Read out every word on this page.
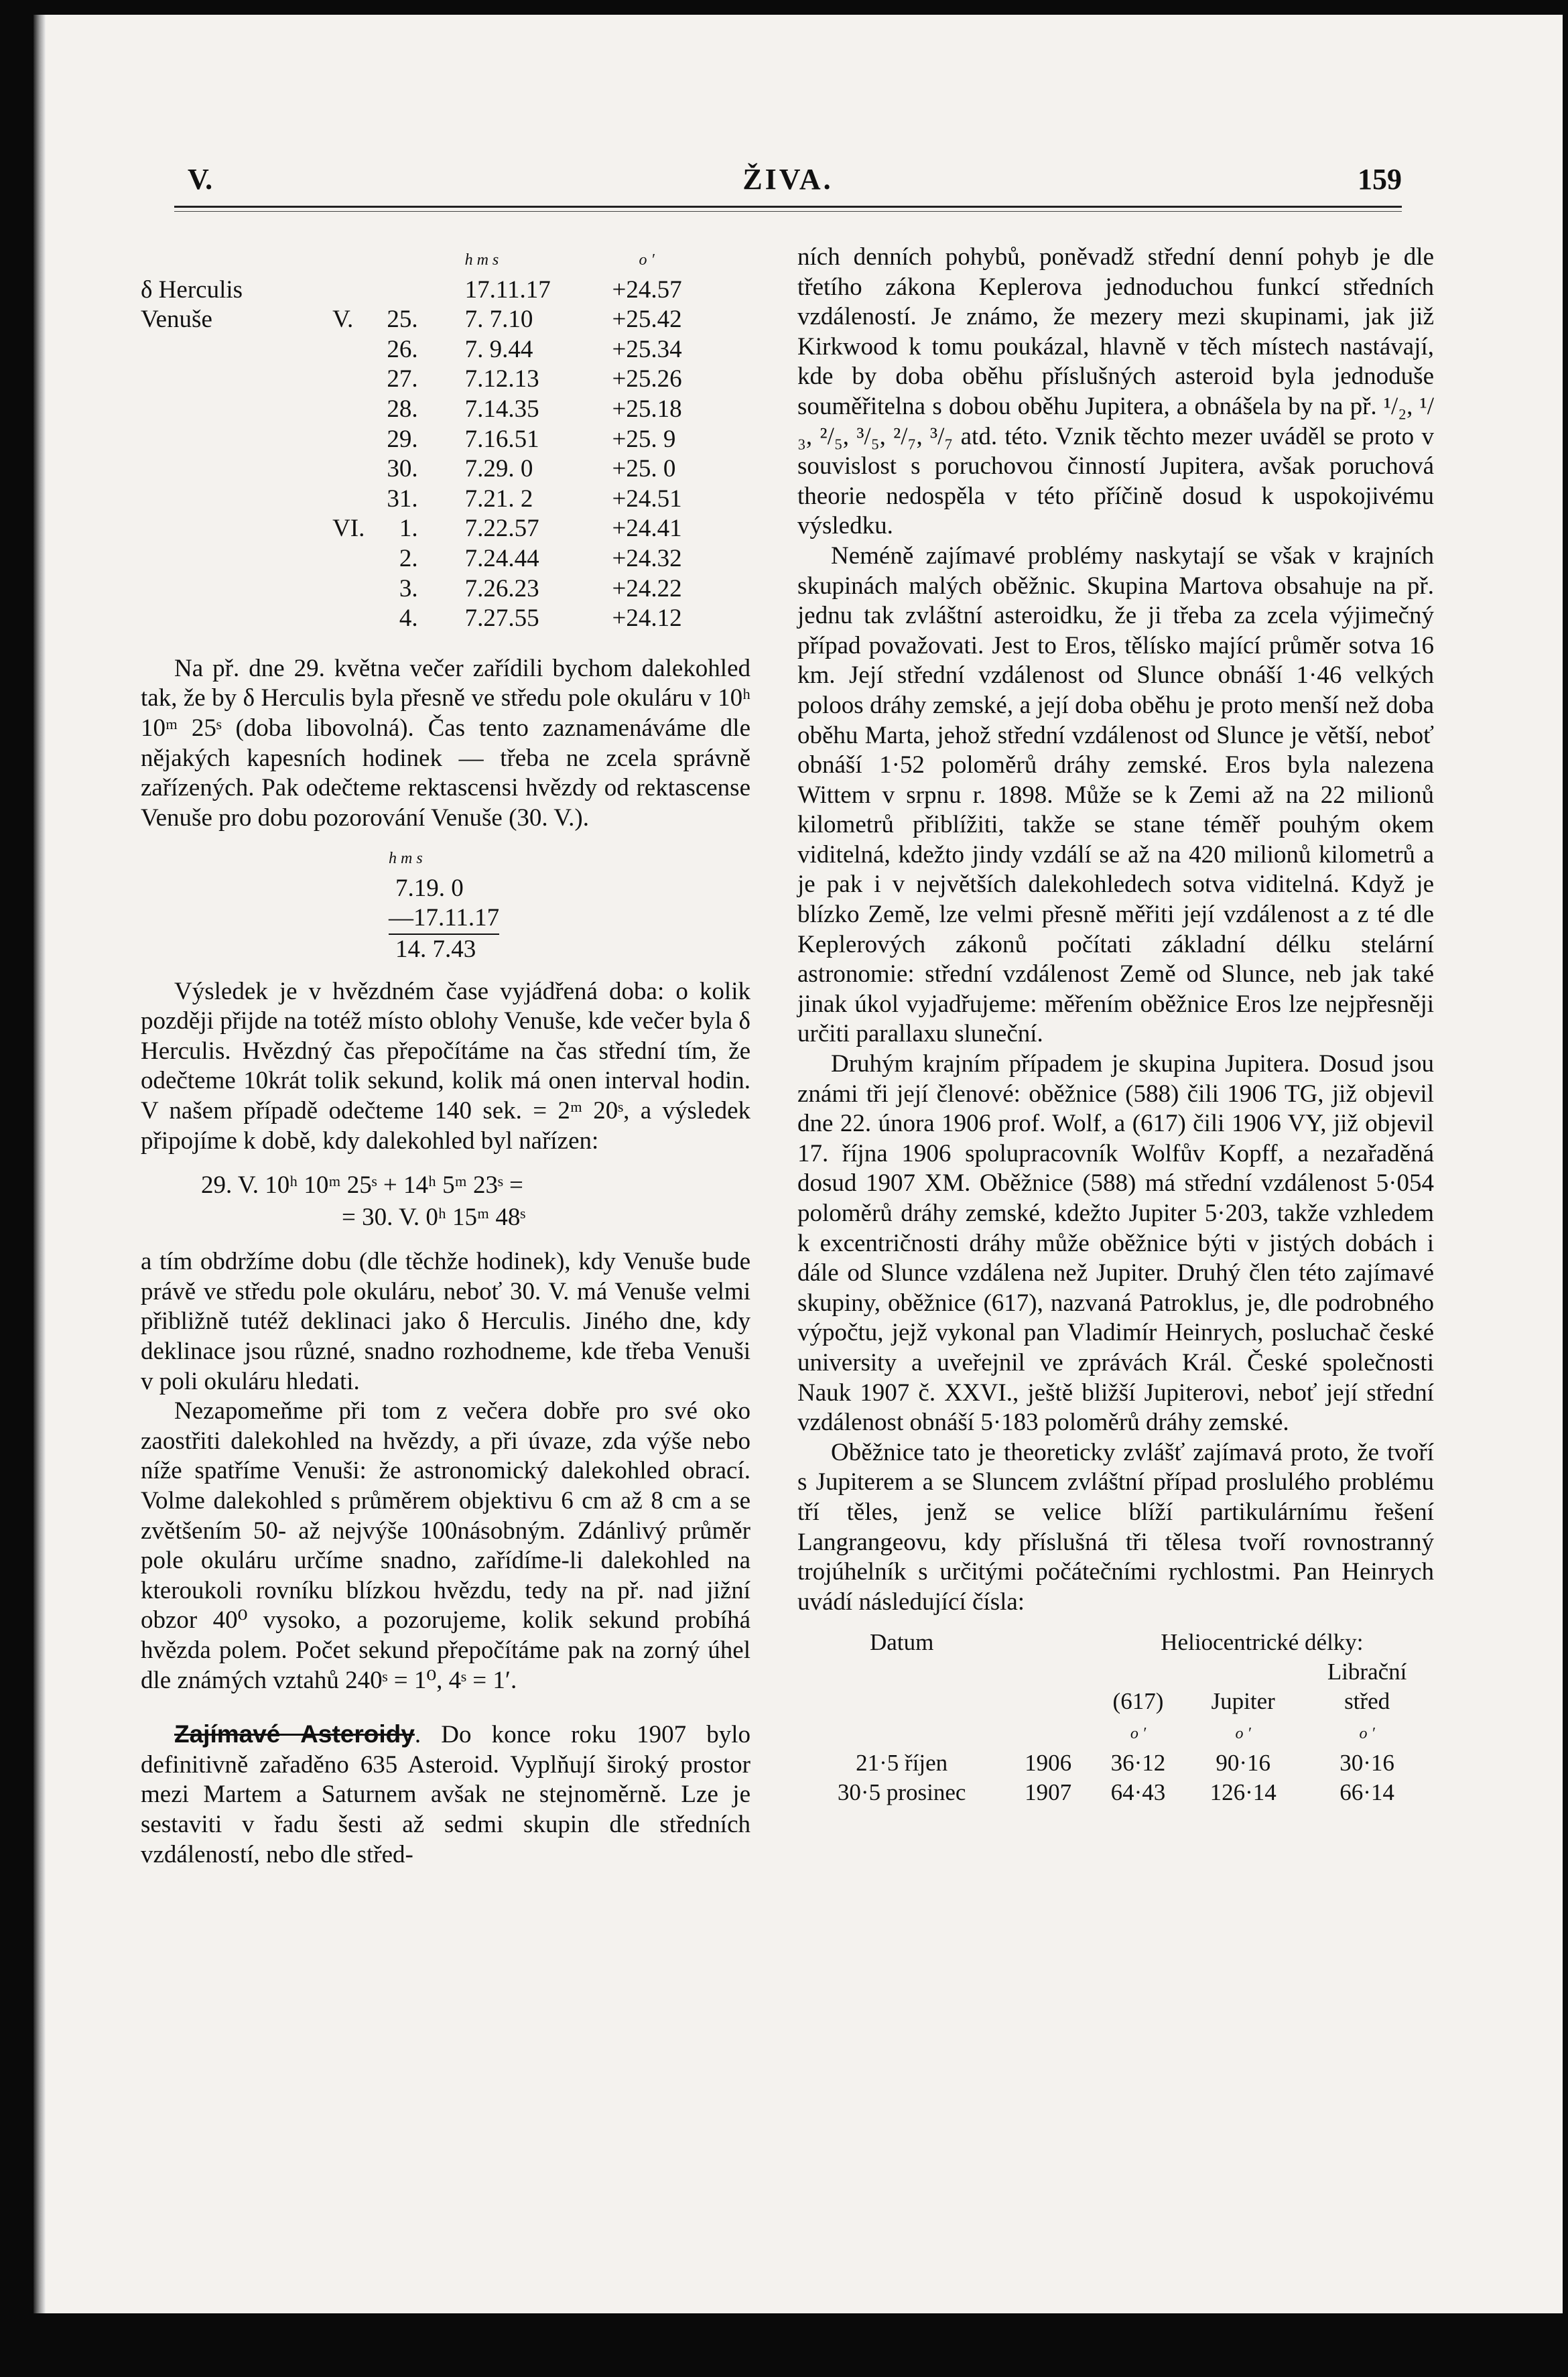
V.	ŽIVA.	159
			h m s	o ′
δ Herculis			17.11.17	+24.57
Venuše	V.	25.	7. 7.10	+25.42
		26.	7. 9.44	+25.34
		27.	7.12.13	+25.26
		28.	7.14.35	+25.18
		29.	7.16.51	+25. 9
		30.	7.29. 0	+25. 0
		31.	7.21. 2	+24.51
	VI.	1.	7.22.57	+24.41
		2.	7.24.44	+24.32
		3.	7.26.23	+24.22
		4.	7.27.55	+24.12

Na př. dne 29. května večer zařídili bychom dalekohled tak, že by δ Herculis byla přesně ve středu pole okuláru v 10ʰ 10ᵐ 25ˢ (doba libovolná). Čas tento zaznamenáváme dle nějakých kapesních hodinek — třeba ne zcela správně zařízených. Pak odečteme rektascensi hvězdy od rektascense Venuše pro dobu pozorování Venuše (30. V.).

h m s
7.19. 0
—17.11.17
14. 7.43

Výsledek je v hvězdném čase vyjádřená doba: o kolik později přijde na totéž místo oblohy Venuše, kde večer byla δ Herculis. Hvězdný čas přepočítáme na čas střední tím, že odečteme 10krát tolik sekund, kolik má onen interval hodin. V našem případě odečteme 140 sek. = 2ᵐ 20ˢ, a výsledek připojíme k době, kdy dalekohled byl nařízen:

29. V. 10ʰ 10ᵐ 25ˢ + 14ʰ 5ᵐ 23ˢ =
= 30. V. 0ʰ 15ᵐ 48ˢ

a tím obdržíme dobu (dle těchže hodinek), kdy Venuše bude právě ve středu pole okuláru, neboť 30. V. má Venuše velmi přibližně tutéž deklinaci jako δ Herculis. Jiného dne, kdy deklinace jsou různé, snadno rozhodneme, kde třeba Venuši v poli okuláru hledati.

Nezapomeňme při tom z večera dobře pro své oko zaostřiti dalekohled na hvězdy, a při úvaze, zda výše nebo níže spatříme Venuši: že astronomický dalekohled obrací. Volme dalekohled s průměrem objektivu 6 cm až 8 cm a se zvětšením 50- až nejvýše 100násobným. Zdánlivý průměr pole okuláru určíme snadno, zařídíme-li dalekohled na kteroukoli rovníku blízkou hvězdu, tedy na př. nad jižní obzor 40⁰ vysoko, a pozorujeme, kolik sekund probíhá hvězda polem. Počet sekund přepočítáme pak na zorný úhel dle známých vztahů 240ˢ = 1⁰, 4ˢ = 1′.

Zajímavé Asteroidy. Do konce roku 1907 bylo definitivně zařaděno 635 Asteroid. Vyplňují široký prostor mezi Martem a Saturnem avšak ne stejnoměrně. Lze je sestaviti v řadu šesti až sedmi skupin dle středních vzdáleností, nebo dle střed-

ních denních pohybů, poněvadž střední denní pohyb je dle třetího zákona Keplerova jednoduchou funkcí středních vzdáleností. Je známo, že mezery mezi skupinami, jak již Kirkwood k tomu poukázal, hlavně v těch místech nastávají, kde by doba oběhu příslušných asteroid byla jednoduše souměřitelna s dobou oběhu Jupitera, a obnášela by na př. ¹/₂, ¹/₃, ²/₅, ³/₅, ²/₇, ³/₇ atd. této. Vznik těchto mezer uváděl se proto v souvislost s poruchovou činností Jupitera, avšak poruchová theorie nedospěla v této příčině dosud k uspokojivému výsledku.

Neméně zajímavé problémy naskytají se však v krajních skupinách malých oběžnic. Skupina Martova obsahuje na př. jednu tak zvláštní asteroidku, že ji třeba za zcela výjimečný případ považovati. Jest to Eros, tělísko mající průměr sotva 16 km. Její střední vzdálenost od Slunce obnáší 1·46 velkých poloos dráhy zemské, a její doba oběhu je proto menší než doba oběhu Marta, jehož střední vzdálenost od Slunce je větší, neboť obnáší 1·52 poloměrů dráhy zemské. Eros byla nalezena Wittem v srpnu r. 1898. Může se k Zemi až na 22 milionů kilometrů přiblížiti, takže se stane téměř pouhým okem viditelná, kdežto jindy vzdálí se až na 420 milionů kilometrů a je pak i v největších dalekohledech sotva viditelná. Když je blízko Země, lze velmi přesně měřiti její vzdálenost a z té dle Keplerových zákonů počítati základní délku stelární astronomie: střední vzdálenost Země od Slunce, neb jak také jinak úkol vyjadřujeme: měřením oběžnice Eros lze nejpřesněji určiti parallaxu sluneční.

Druhým krajním případem je skupina Jupitera. Dosud jsou známi tři její členové: oběžnice (588) čili 1906 TG, již objevil dne 22. února 1906 prof. Wolf, a (617) čili 1906 VY, již objevil 17. října 1906 spolupracovník Wolfův Kopff, a nezařaděná dosud 1907 XM. Oběžnice (588) má střední vzdálenost 5·054 poloměrů dráhy zemské, kdežto Jupiter 5·203, takže vzhledem k excentričnosti dráhy může oběžnice býti v jistých dobách i dále od Slunce vzdálena než Jupiter. Druhý člen této zajímavé skupiny, oběžnice (617), nazvaná Patroklus, je, dle podrobného výpočtu, jejž vykonal pan Vladimír Heinrych, posluchač české university a uveřejnil ve zprávách Král. České společnosti Nauk 1907 č. XXVI., ještě bližší Jupiterovi, neboť její střední vzdálenost obnáší 5·183 poloměrů dráhy zemské.

Oběžnice tato je theoreticky zvlášť zajímavá proto, že tvoří s Jupiterem a se Sluncem zvláštní případ proslulého problému tří těles, jenž se velice blíží partikulárnímu řešení Langrangeovu, kdy příslušná tři tělesa tvoří rovnostranný trojúhelník s určitými počátečními rychlostmi. Pan Heinrych uvádí následující čísla:

Datum		Heliocentrické délky:		
				Librační
		(617)	Jupiter	střed
		o ′	o ′	o ′
21·5 říjen	1906	36·12	90·16	30·16
30·5 prosinec	1907	64·43	126·14	66·14
